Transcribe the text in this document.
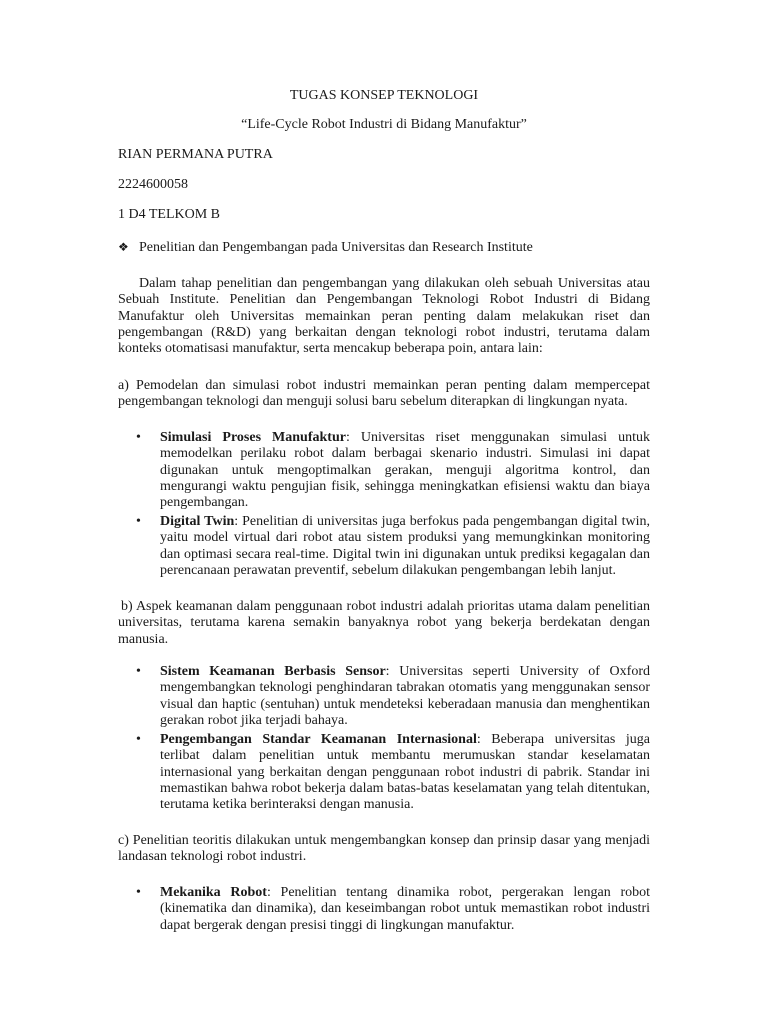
TUGAS KONSEP TEKNOLOGI
“Life-Cycle Robot Industri di Bidang Manufaktur”
RIAN PERMANA PUTRA
2224600058
1 D4 TELKOM B
❖ Penelitian dan Pengembangan pada Universitas dan Research Institute
Dalam tahap penelitian dan pengembangan yang dilakukan oleh sebuah Universitas atau Sebuah Institute. Penelitian dan Pengembangan Teknologi Robot Industri di Bidang Manufaktur oleh Universitas memainkan peran penting dalam melakukan riset dan pengembangan (R&D) yang berkaitan dengan teknologi robot industri, terutama dalam konteks otomatisasi manufaktur, serta mencakup beberapa poin, antara lain:
a) Pemodelan dan simulasi robot industri memainkan peran penting dalam mempercepat pengembangan teknologi dan menguji solusi baru sebelum diterapkan di lingkungan nyata.
• Simulasi Proses Manufaktur: Universitas riset menggunakan simulasi untuk memodelkan perilaku robot dalam berbagai skenario industri. Simulasi ini dapat digunakan untuk mengoptimalkan gerakan, menguji algoritma kontrol, dan mengurangi waktu pengujian fisik, sehingga meningkatkan efisiensi waktu dan biaya pengembangan.
• Digital Twin: Penelitian di universitas juga berfokus pada pengembangan digital twin, yaitu model virtual dari robot atau sistem produksi yang memungkinkan monitoring dan optimasi secara real-time. Digital twin ini digunakan untuk prediksi kegagalan dan perencanaan perawatan preventif, sebelum dilakukan pengembangan lebih lanjut.
b) Aspek keamanan dalam penggunaan robot industri adalah prioritas utama dalam penelitian universitas, terutama karena semakin banyaknya robot yang bekerja berdekatan dengan manusia.
• Sistem Keamanan Berbasis Sensor: Universitas seperti University of Oxford mengembangkan teknologi penghindaran tabrakan otomatis yang menggunakan sensor visual dan haptic (sentuhan) untuk mendeteksi keberadaan manusia dan menghentikan gerakan robot jika terjadi bahaya.
• Pengembangan Standar Keamanan Internasional: Beberapa universitas juga terlibat dalam penelitian untuk membantu merumuskan standar keselamatan internasional yang berkaitan dengan penggunaan robot industri di pabrik. Standar ini memastikan bahwa robot bekerja dalam batas-batas keselamatan yang telah ditentukan, terutama ketika berinteraksi dengan manusia.
c) Penelitian teoritis dilakukan untuk mengembangkan konsep dan prinsip dasar yang menjadi landasan teknologi robot industri.
• Mekanika Robot: Penelitian tentang dinamika robot, pergerakan lengan robot (kinematika dan dinamika), dan keseimbangan robot untuk memastikan robot industri dapat bergerak dengan presisi tinggi di lingkungan manufaktur.
